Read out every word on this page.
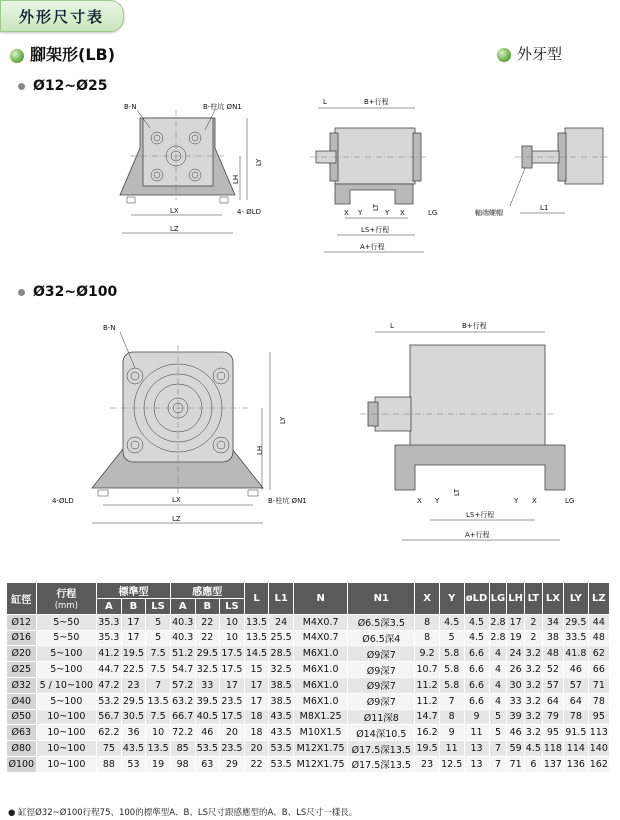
外形尺寸表
腳架形(LB)	外牙型
Ø12~Ø25
Ø32~Ø100
B-N	B-柱坑 ØN1
LX
LZ
4- ØLD
LH
LY
L	B+行程
X Y	Y X	LG
LT
LS+行程
A+行程
軸端螺帽
L1
B-N
4-ØLD	B-柱坑 ØN1
LX
LZ
LH
LY
L	B+行程
X Y	Y X	LG
LT
LS+行程
A+行程
缸徑	行程
(mm)	標準型			感應型			L	L1	N	N1	X	Y	øLD	LG	LH	LT	LX	LY	LZ
		A	B	LS	A	B	LS													
Ø12	5~50	35.3	17	5	40.3	22	10	13.5	24	M4X0.7	Ø6.5深3.5	8	4.5	4.5	2.8	17	2	34	29.5	44
Ø16	5~50	35.3	17	5	40.3	22	10	13.5	25.5	M4X0.7	Ø6.5深4	8	5	4.5	2.8	19	2	38	33.5	48
Ø20	5~100	41.2	19.5	7.5	51.2	29.5	17.5	14.5	28.5	M6X1.0	Ø9深7	9.2	5.8	6.6	4	24	3.2	48	41.8	62
Ø25	5~100	44.7	22.5	7.5	54.7	32.5	17.5	15	32.5	M6X1.0	Ø9深7	10.7	5.8	6.6	4	26	3.2	52	46	66
Ø32	5 / 10~100	47.2	23	7	57.2	33	17	17	38.5	M6X1.0	Ø9深7	11.2	5.8	6.6	4	30	3.2	57	57	71
Ø40	5~100	53.2	29.5	13.5	63.2	39.5	23.5	17	38.5	M6X1.0	Ø9深7	11.2	7	6.6	4	33	3.2	64	64	78
Ø50	10~100	56.7	30.5	7.5	66.7	40.5	17.5	18	43.5	M8X1.25	Ø11深8	14.7	8	9	5	39	3.2	79	78	95
Ø63	10~100	62.2	36	10	72.2	46	20	18	43.5	M10X1.5	Ø14深10.5	16.2	9	11	5	46	3.2	95	91.5	113
Ø80	10~100	75	43.5	13.5	85	53.5	23.5	20	53.5	M12X1.75	Ø17.5深13.5	19.5	11	13	7	59	4.5	118	114	140
Ø100	10~100	88	53	19	98	63	29	22	53.5	M12X1.75	Ø17.5深13.5	23	12.5	13	7	71	6	137	136	162
● 缸徑Ø32~Ø100行程75、100的標準型A、B、LS尺寸跟感應型的A、B、LS尺寸一樣長。
